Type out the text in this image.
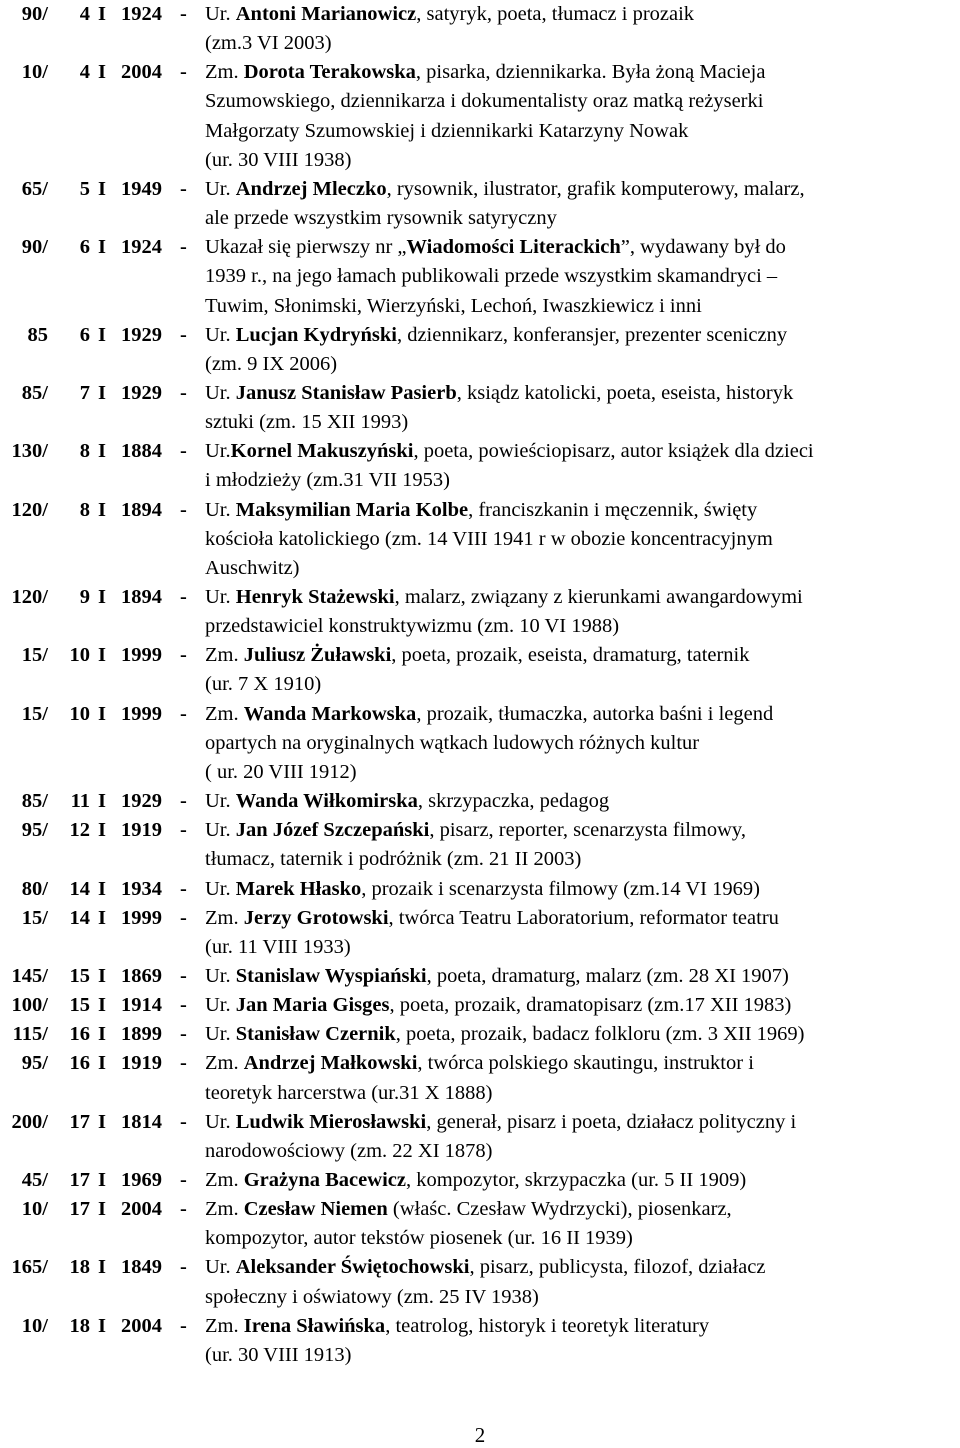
90/	4 I 1924 - Ur. Antoni Marianowicz, satyryk, poeta, tłumacz i prozaik
(zm.3 VI 2003)
10/	4 I 2004 - Zm. Dorota Terakowska, pisarka, dziennikarka. Była żoną Macieja
Szumowskiego, dziennikarza i dokumentalisty oraz matką reżyserki
Małgorzaty Szumowskiej i dziennikarki Katarzyny Nowak
(ur. 30 VIII 1938)
65/	5 I 1949 - Ur. Andrzej Mleczko, rysownik, ilustrator, grafik komputerowy, malarz,
ale przede wszystkim rysownik satyryczny
90/	6 I 1924 - Ukazał się pierwszy nr „Wiadomości Literackich”, wydawany był do
1939 r., na jego łamach publikowali przede wszystkim skamandryci –
Tuwim, Słonimski, Wierzyński, Lechoń, Iwaszkiewicz i inni
85	6 I 1929 - Ur. Lucjan Kydryński, dziennikarz, konferansjer, prezenter sceniczny
(zm. 9 IX 2006)
85/	7 I 1929 - Ur. Janusz Stanisław Pasierb, ksiądz katolicki, poeta, eseista, historyk
sztuki (zm. 15 XII 1993)
130/	8 I 1884 - Ur.Kornel Makuszyński, poeta, powieściopisarz, autor książek dla dzieci
i młodzieży (zm.31 VII 1953)
120/	8 I 1894 - Ur. Maksymilian Maria Kolbe, franciszkanin i męczennik, święty
kościoła katolickiego (zm. 14 VIII 1941 r w obozie koncentracyjnym
Auschwitz)
120/	9 I 1894 - Ur. Henryk Stażewski, malarz, związany z kierunkami awangardowymi
przedstawiciel konstruktywizmu (zm. 10 VI 1988)
15/	10 I 1999 - Zm. Juliusz Żuławski, poeta, prozaik, eseista, dramaturg, taternik
(ur. 7 X 1910)
15/	10 I 1999 - Zm. Wanda Markowska, prozaik, tłumaczka, autorka baśni i legend
opartych na oryginalnych wątkach ludowych różnych kultur
( ur. 20 VIII 1912)
85/	11 I 1929 - Ur. Wanda Wiłkomirska, skrzypaczka, pedagog
95/	12 I 1919 - Ur. Jan Józef Szczepański, pisarz, reporter, scenarzysta filmowy,
tłumacz, taternik i podróżnik (zm. 21 II 2003)
80/	14 I 1934 - Ur. Marek Hłasko, prozaik i scenarzysta filmowy (zm.14 VI 1969)
15/	14 I 1999 - Zm. Jerzy Grotowski, twórca Teatru Laboratorium, reformator teatru
(ur. 11 VIII 1933)
145/	15 I 1869 - Ur. Stanislaw Wyspiański, poeta, dramaturg, malarz (zm. 28 XI 1907)
100/	15 I 1914 - Ur. Jan Maria Gisges, poeta, prozaik, dramatopisarz (zm.17 XII 1983)
115/	16 I 1899 - Ur. Stanisław Czernik, poeta, prozaik, badacz folkloru (zm. 3 XII 1969)
95/	16 I 1919 - Zm. Andrzej Małkowski, twórca polskiego skautingu, instruktor i
teoretyk harcerstwa (ur.31 X 1888)
200/	17 I 1814 - Ur. Ludwik Mierosławski, generał, pisarz i poeta, działacz polityczny i
narodowościowy (zm. 22 XI 1878)
45/	17 I 1969 - Zm. Grażyna Bacewicz, kompozytor, skrzypaczka (ur. 5 II 1909)
10/	17 I 2004 - Zm. Czesław Niemen (właśc. Czesław Wydrzycki), piosenkarz,
kompozytor, autor tekstów piosenek (ur. 16 II 1939)
165/	18 I 1849 - Ur. Aleksander Świętochowski, pisarz, publicysta, filozof, działacz
społeczny i oświatowy (zm. 25 IV 1938)
10/	18 I 2004 - Zm. Irena Sławińska, teatrolog, historyk i teoretyk literatury
(ur. 30 VIII 1913)
2
